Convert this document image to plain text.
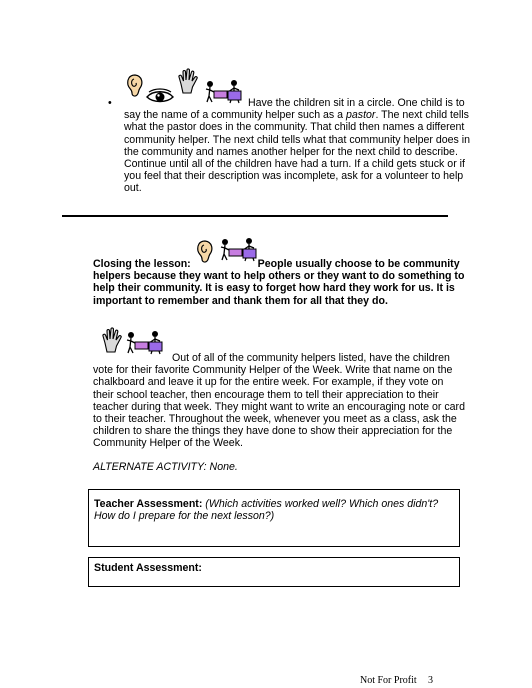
•	Have the children sit in a circle. One child is to say the name of a community helper such as a pastor. The next child tells what the pastor does in the community. That child then names a different community helper. The next child tells what that community helper does in the community and names another helper for the next child to describe. Continue until all of the children have had a turn. If a child gets stuck or if you feel that their description was incomplete, ask for a volunteer to help out.
Closing the lesson:	People usually choose to be community helpers because they want to help others or they want to do something to help their community. It is easy to forget how hard they work for us. It is important to remember and thank them for all that they do.
Out of all of the community helpers listed, have the children vote for their favorite Community Helper of the Week. Write that name on the chalkboard and leave it up for the entire week. For example, if they vote on their school teacher, then encourage them to tell their appreciation to their teacher during that week. They might want to write an encouraging note or card to their teacher. Throughout the week, whenever you meet as a class, ask the children to share the things they have done to show their appreciation for the Community Helper of the Week.
ALTERNATE ACTIVITY: None.
Teacher Assessment: (Which activities worked well? Which ones didn't? How do I prepare for the next lesson?)
Student Assessment:
Not For Profit 3
